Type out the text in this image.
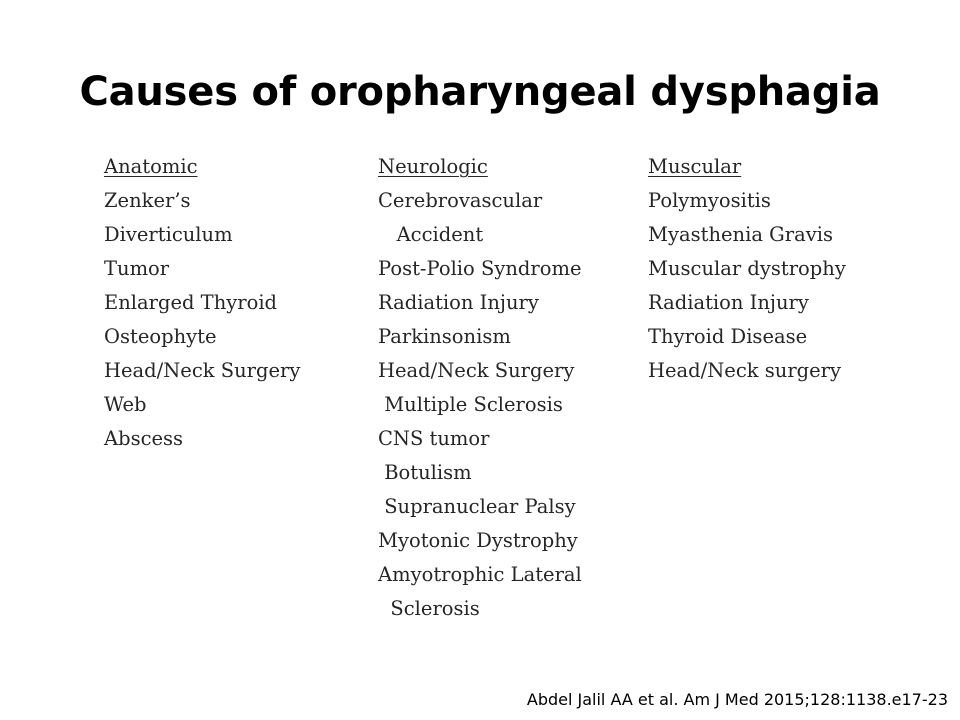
Causes of oropharyngeal dysphagia
Anatomic
Zenker’s
Diverticulum
Tumor
Enlarged Thyroid
Osteophyte
Head/Neck Surgery
Web
Abscess
Neurologic
Cerebrovascular
Accident
Post-Polio Syndrome
Radiation Injury
Parkinsonism
Head/Neck Surgery
Multiple Sclerosis
CNS tumor
Botulism
Supranuclear Palsy
Myotonic Dystrophy
Amyotrophic Lateral
Sclerosis
Muscular
Polymyositis
Myasthenia Gravis
Muscular dystrophy
Radiation Injury
Thyroid Disease
Head/Neck surgery
Abdel Jalil AA et al. Am J Med 2015;128:1138.e17-23
